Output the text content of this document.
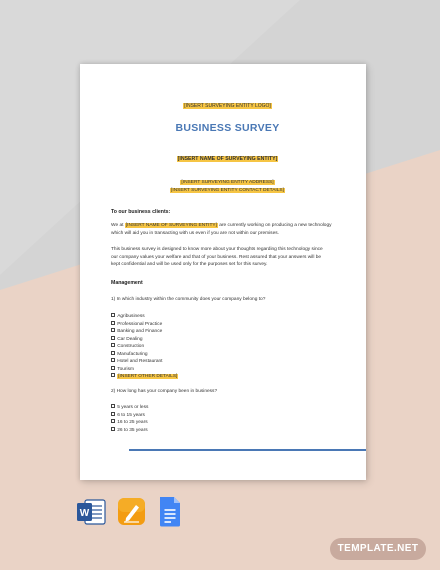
[INSERT SURVEYING ENTITY LOGO]
BUSINESS SURVEY
[INSERT NAME OF SURVEYING ENTITY]
[INSERT SURVEYING ENTITY ADDRESS]
[INSERT SURVEYING ENTITY CONTACT DETAILS]
To our business clients:
We at [INSERT NAME OF SURVEYING ENTITY] are currently working on producing a new technology
which will aid you in transacting with us even if you are not within our premises.
This business survey is designed to know more about your thoughts regarding this technology since
our company values your welfare and that of your business. Rest assured that your answers will be
kept confidential and will be used only for the purposes set for this survey.
Management
1) In which industry within the community does your company belong to?
Agribusiness
Professional Practice
Banking and Finance
Car Dealing
Construction
Manufacturing
Hotel and Restaurant
Tourism
[INSERT OTHER DETAILS]
2) How long has your company been in business?
5 years or less
6 to 15 years
16 to 25 years
26 to 35 years
W
TEMPLATE.NET
